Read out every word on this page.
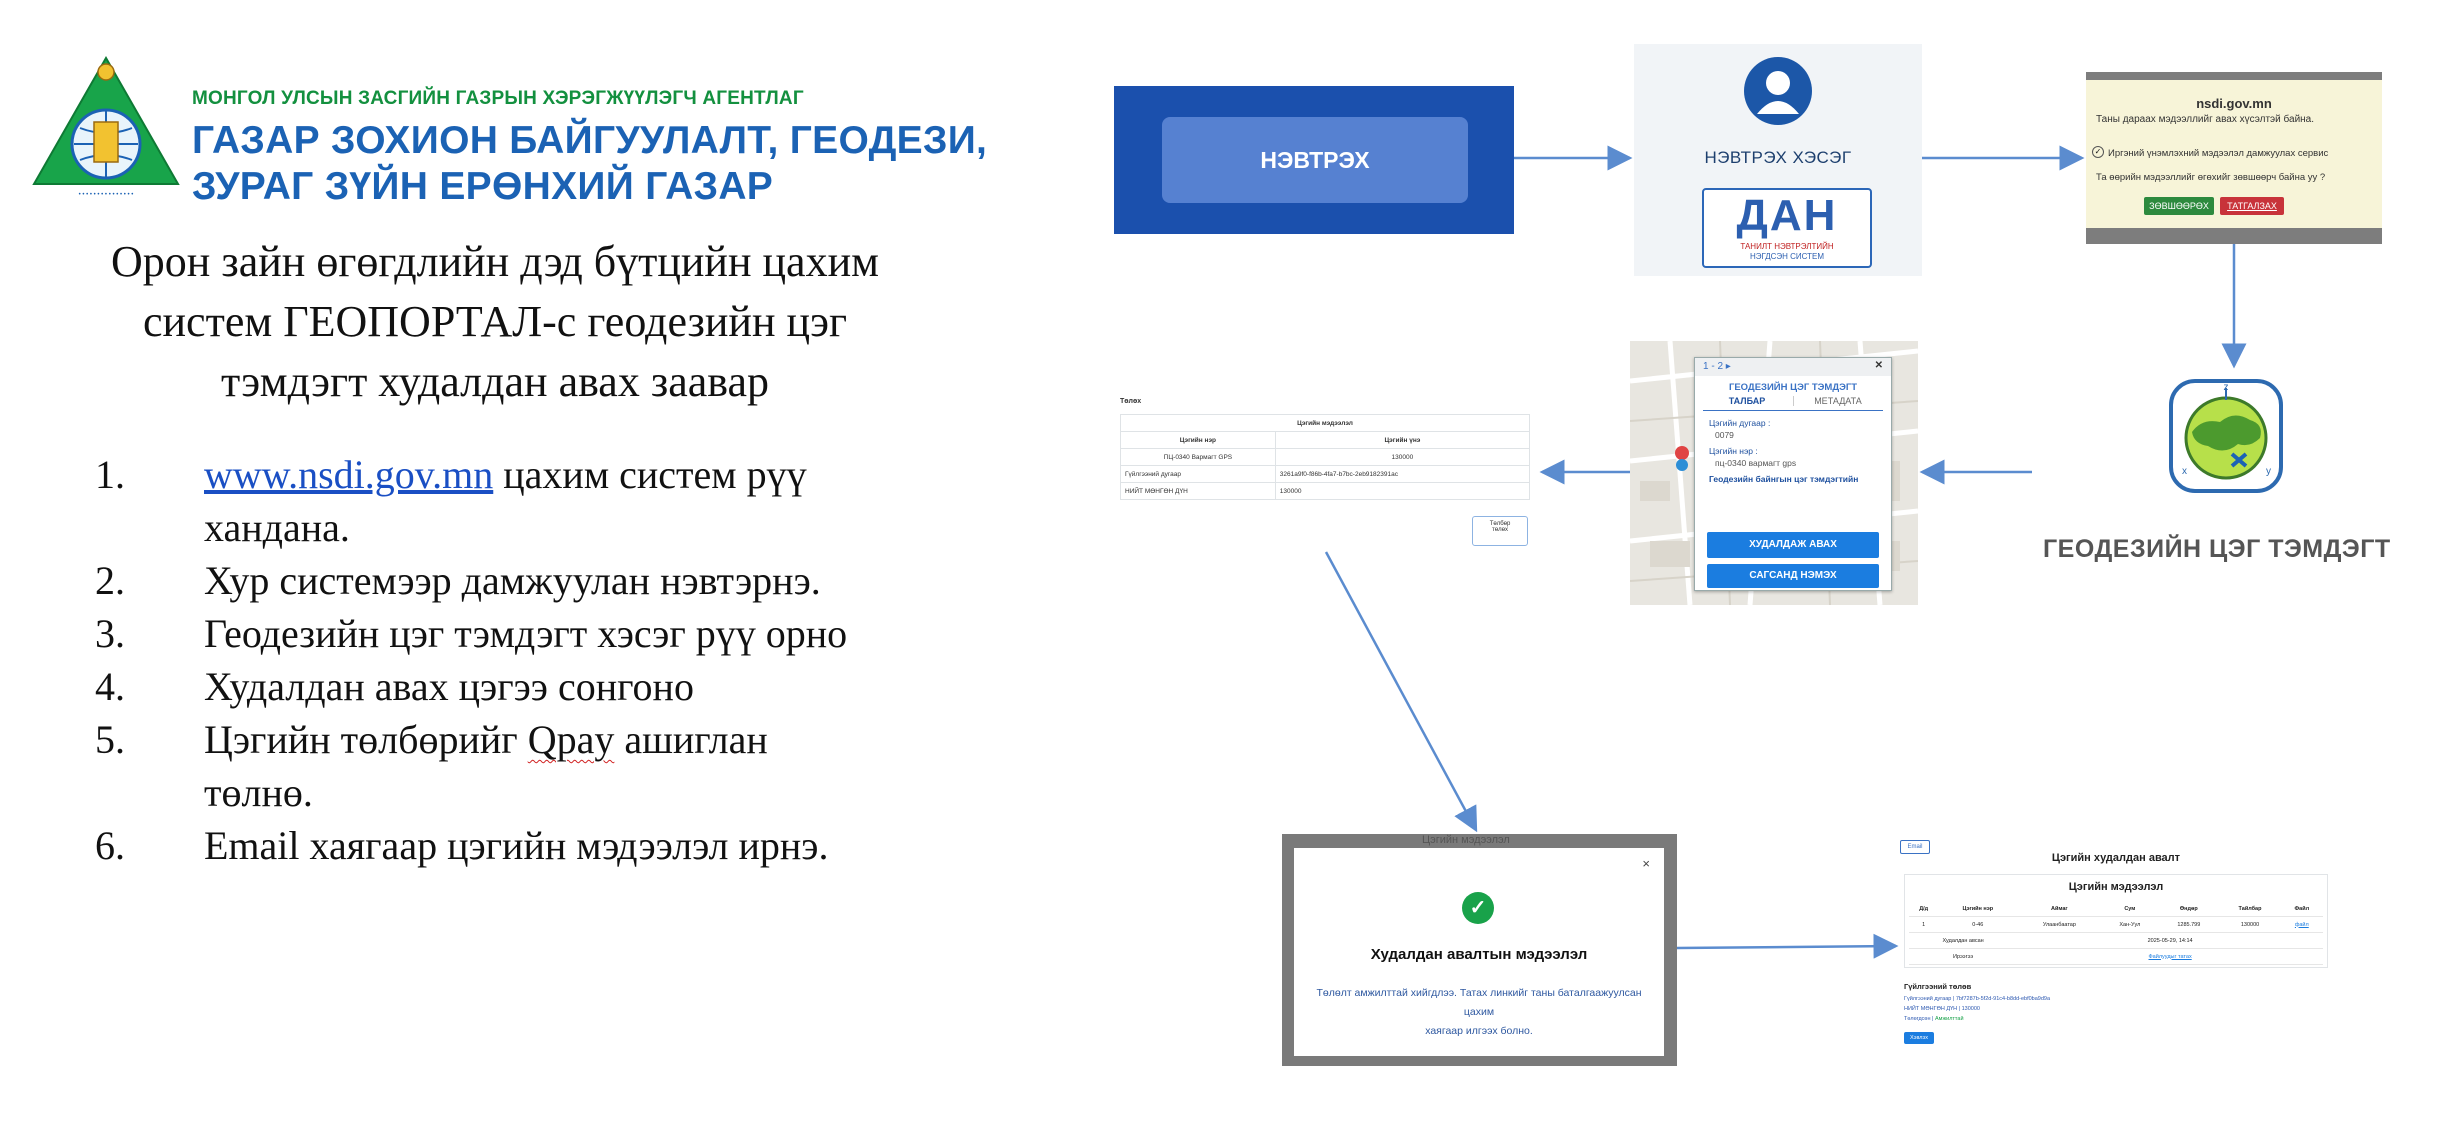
• • • • • • • • • • • • • • •
МОНГОЛ УЛСЫН ЗАСГИЙН ГАЗРЫН ХЭРЭГЖҮҮЛЭГЧ АГЕНТЛАГ
ГАЗАР ЗОХИОН БАЙГУУЛАЛТ, ГЕОДЕЗИ,
ЗУРАГ ЗҮЙН ЕРӨНХИЙ ГАЗАР
Орон зайн өгөгдлийн дэд бүтцийн цахим
систем ГЕОПОРТАЛ-с геодезийн цэг
тэмдэгт худалдан авах заавар
1. www.nsdi.gov.mn цахим систем рүү
хандана.
2. Хур системээр дамжуулан нэвтэрнэ.
3. Геодезийн цэг тэмдэгт хэсэг рүү орно
4. Худалдан авах цэгээ сонгоно
5. Цэгийн төлбөрийг Qpay ашиглан
төлнө.
6. Email хаягаар цэгийн мэдээлэл ирнэ.
НЭВТРЭХ	НЭВТРЭХ ХЭСЭГ
ДАН
ТАНИЛТ НЭВТРЭЛТИЙН
НЭГДСЭН СИСТЕМ
nsdi.gov.mn
Таны дараах мэдээллийг авах хүсэлтэй байна.
✓ Иргэний үнэмлэхний мэдээлэл дамжуулах сервис
Та өөрийн мэдээллийг өгөхийг зөвшөөрч байна уу ?
ЗӨВШӨӨРӨХ	ТАТГАЛЗАХ
z
x	y
ГЕОДЕЗИЙН ЦЭГ ТЭМДЭГТ
1 - 2 ▸	✕
ГЕОДЕЗИЙН ЦЭГ ТЭМДЭГТ
ТАЛБАР	МЕТАДАТА
Цэгийн дугаар :
0079
Цэгийн нэр :
пц-0340 вармагт gps
Геодезийн байнгын цэг тэмдэгтийн
ХУДАЛДАЖ АВАХ
САГСАНД НЭМЭХ
Төлөх
Цэгийн мэдээлэл	
Цэгийн нэр	Цэгийн үнэ
ПЦ-0340 Вармагт GPS	130000
Гүйлгээний дугаар	3261a9f0-f86b-4fa7-b7bc-2eb9182391ac
НИЙТ МӨНГӨН ДҮН	130000
Төлбөр
төлөх
Цэгийн мэдээлэл
×
✓
Худалдан авалтын мэдээлэл
Төлөлт амжилттай хийгдлээ. Татах линкийг таны баталгаажуулсан цахим
хаягаар илгээх болно.
Email
Цэгийн худалдан авалт
Цэгийн мэдээлэл
Д/д	Цэгийн нэр	Аймаг	Сум	Өндөр	Тайлбар	Файл
1	0-46	Улаанбаатар	Хан-Уул	1285.799	130000	файл
Худалдан авсан		2025-05-29, 14:14				
Ирээгээ		Файлуудыг татах				
Гүйлгээний төлөв
Гүйлгээний дугаар | 7bf7287b-5f2d-91c4-b8dd-ebf0ba9d9a
НИЙТ МӨНГӨН ДҮН | 130000
Төлөгдсөн | Амжилттай
Хэвлэх
